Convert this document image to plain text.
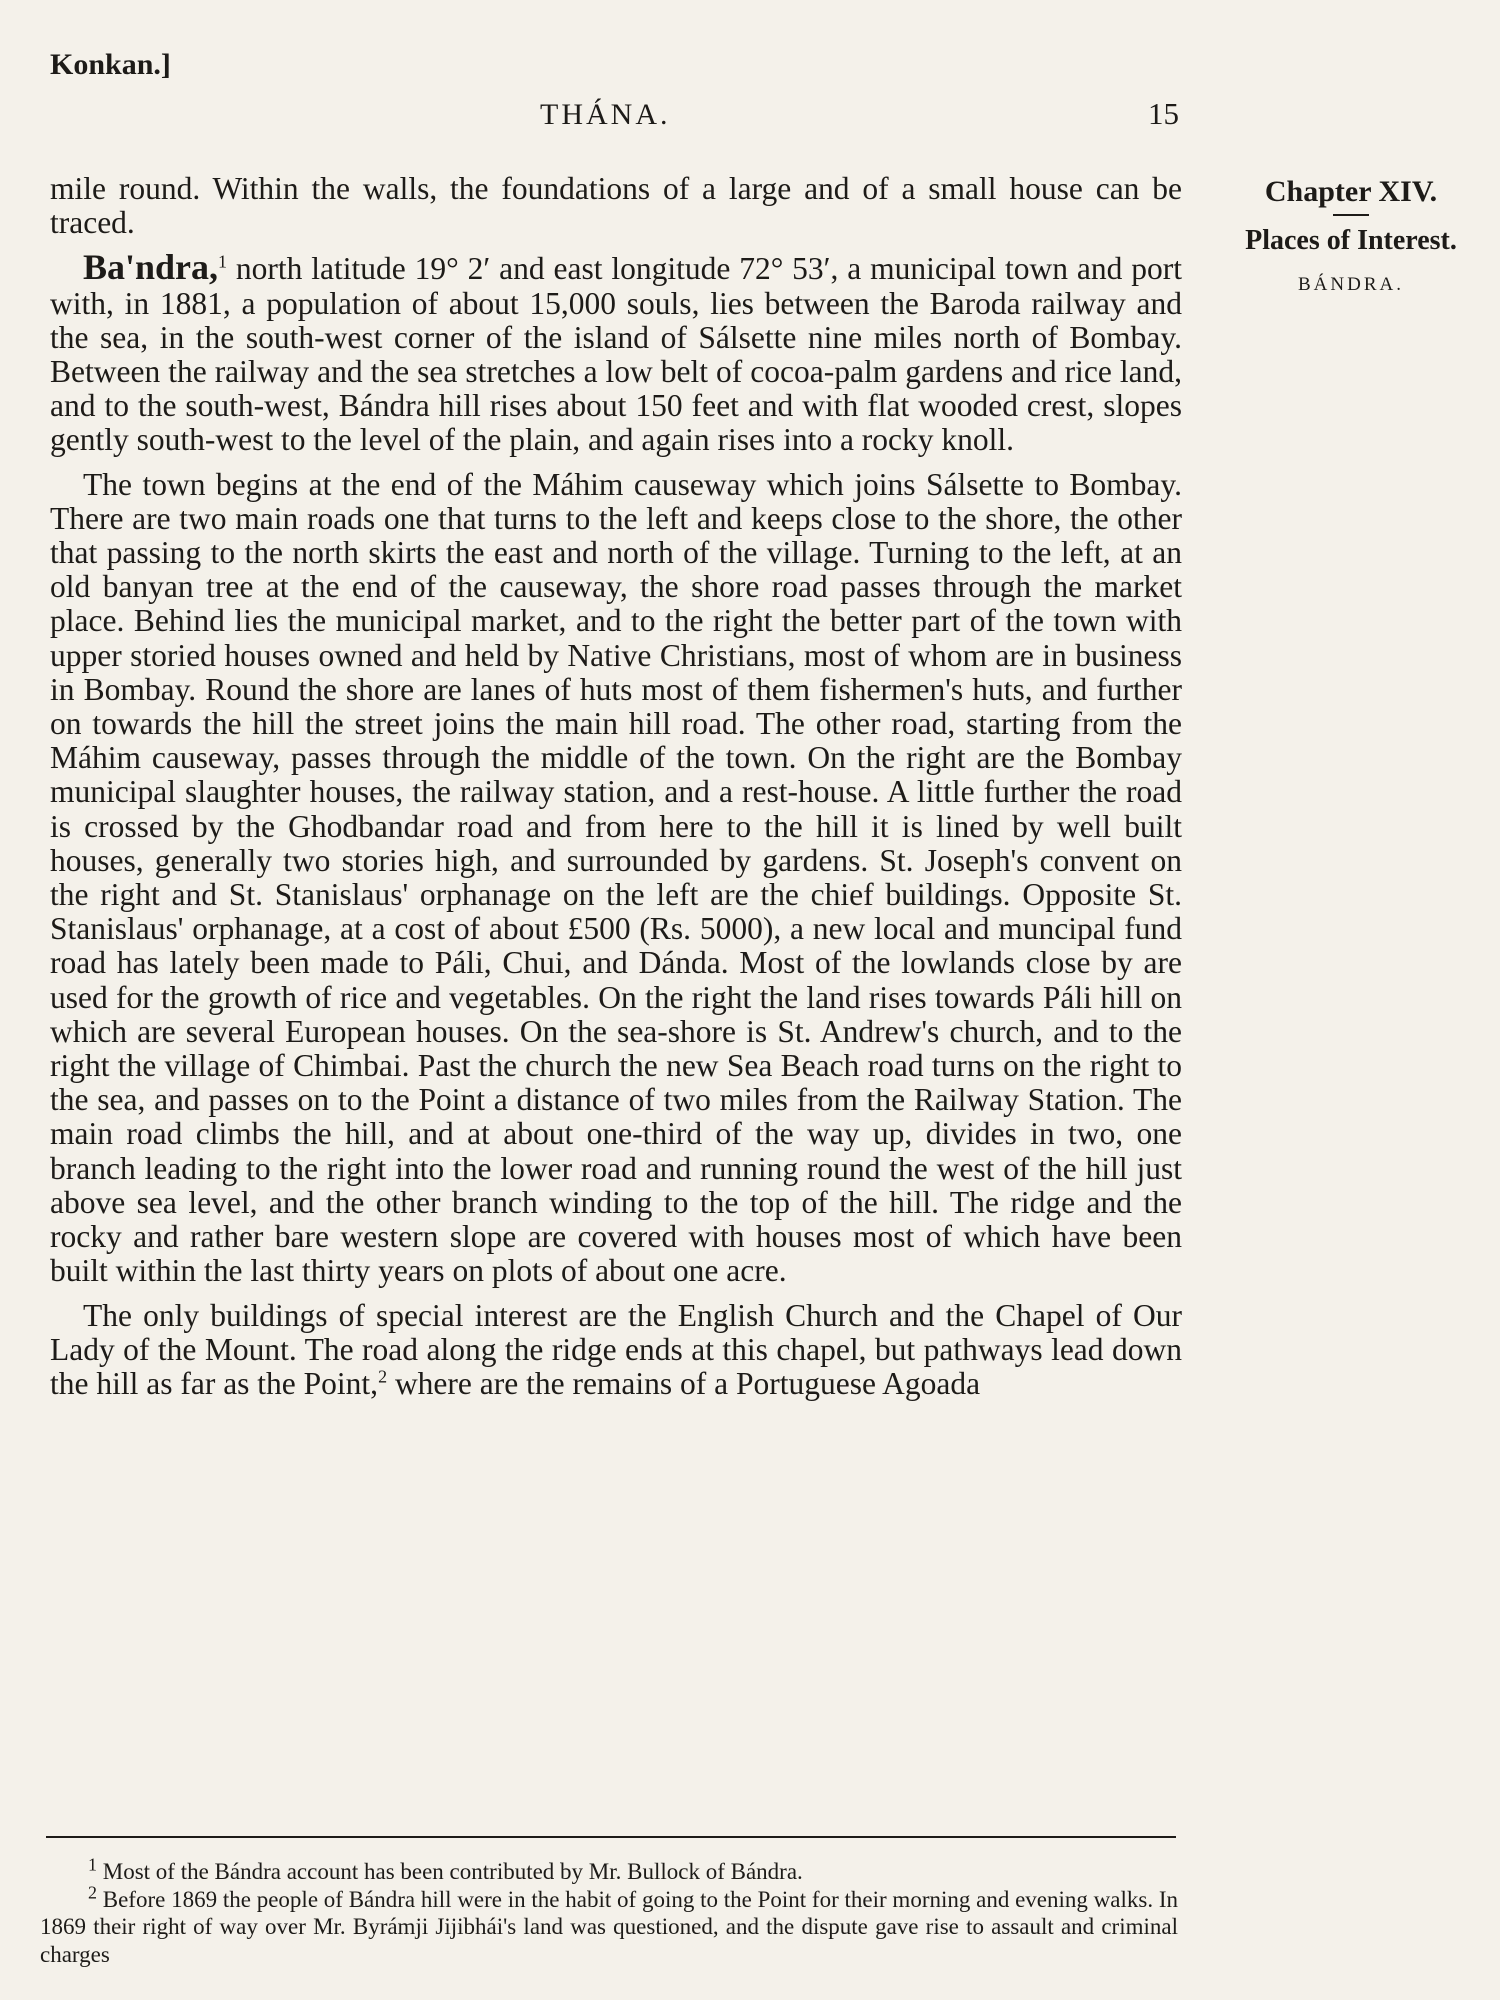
Konkan.]
THÁNA.	15
Chapter XIV.
Places of Interest.
BÁNDRA.

mile round. Within the walls, the foundations of a large and of a small house can be traced.

Ba'ndra,$^1$ north latitude 19° 2′ and east longitude 72° 53′, a municipal town and port with, in 1881, a population of about 15,000 souls, lies between the Baroda railway and the sea, in the south-west corner of the island of Sálsette nine miles north of Bombay. Between the railway and the sea stretches a low belt of cocoa-palm gardens and rice land, and to the south-west, Bándra hill rises about 150 feet and with flat wooded crest, slopes gently south-west to the level of the plain, and again rises into a rocky knoll.

The town begins at the end of the Máhim causeway which joins Sálsette to Bombay. There are two main roads one that turns to the left and keeps close to the shore, the other that passing to the north skirts the east and north of the village. Turning to the left, at an old banyan tree at the end of the causeway, the shore road passes through the market place. Behind lies the municipal market, and to the right the better part of the town with upper storied houses owned and held by Native Christians, most of whom are in business in Bombay. Round the shore are lanes of huts most of them fishermen's huts, and further on towards the hill the street joins the main hill road. The other road, starting from the Máhim causeway, passes through the middle of the town. On the right are the Bombay municipal slaughter houses, the railway station, and a rest-house. A little further the road is crossed by the Ghodbandar road and from here to the hill it is lined by well built houses, generally two stories high, and surrounded by gardens. St. Joseph's convent on the right and St. Stanislaus' orphanage on the left are the chief buildings. Opposite St. Stanislaus' orphanage, at a cost of about £500 (Rs. 5000), a new local and muncipal fund road has lately been made to Páli, Chui, and Dánda. Most of the lowlands close by are used for the growth of rice and vegetables. On the right the land rises towards Páli hill on which are several European houses. On the sea-shore is St. Andrew's church, and to the right the village of Chimbai. Past the church the new Sea Beach road turns on the right to the sea, and passes on to the Point a distance of two miles from the Railway Station. The main road climbs the hill, and at about one-third of the way up, divides in two, one branch leading to the right into the lower road and running round the west of the hill just above sea level, and the other branch winding to the top of the hill. The ridge and the rocky and rather bare western slope are covered with houses most of which have been built within the last thirty years on plots of about one acre.

The only buildings of special interest are the English Church and the Chapel of Our Lady of the Mount. The road along the ridge ends at this chapel, but pathways lead down the hill as far as the Point,$^2$ where are the remains of a Portuguese Agoada

$^1$ Most of the Bándra account has been contributed by Mr. Bullock of Bándra.

$^2$ Before 1869 the people of Bándra hill were in the habit of going to the Point for their morning and evening walks. In 1869 their right of way over Mr. Byrámji Jijibhái's land was questioned, and the dispute gave rise to assault and criminal charges
